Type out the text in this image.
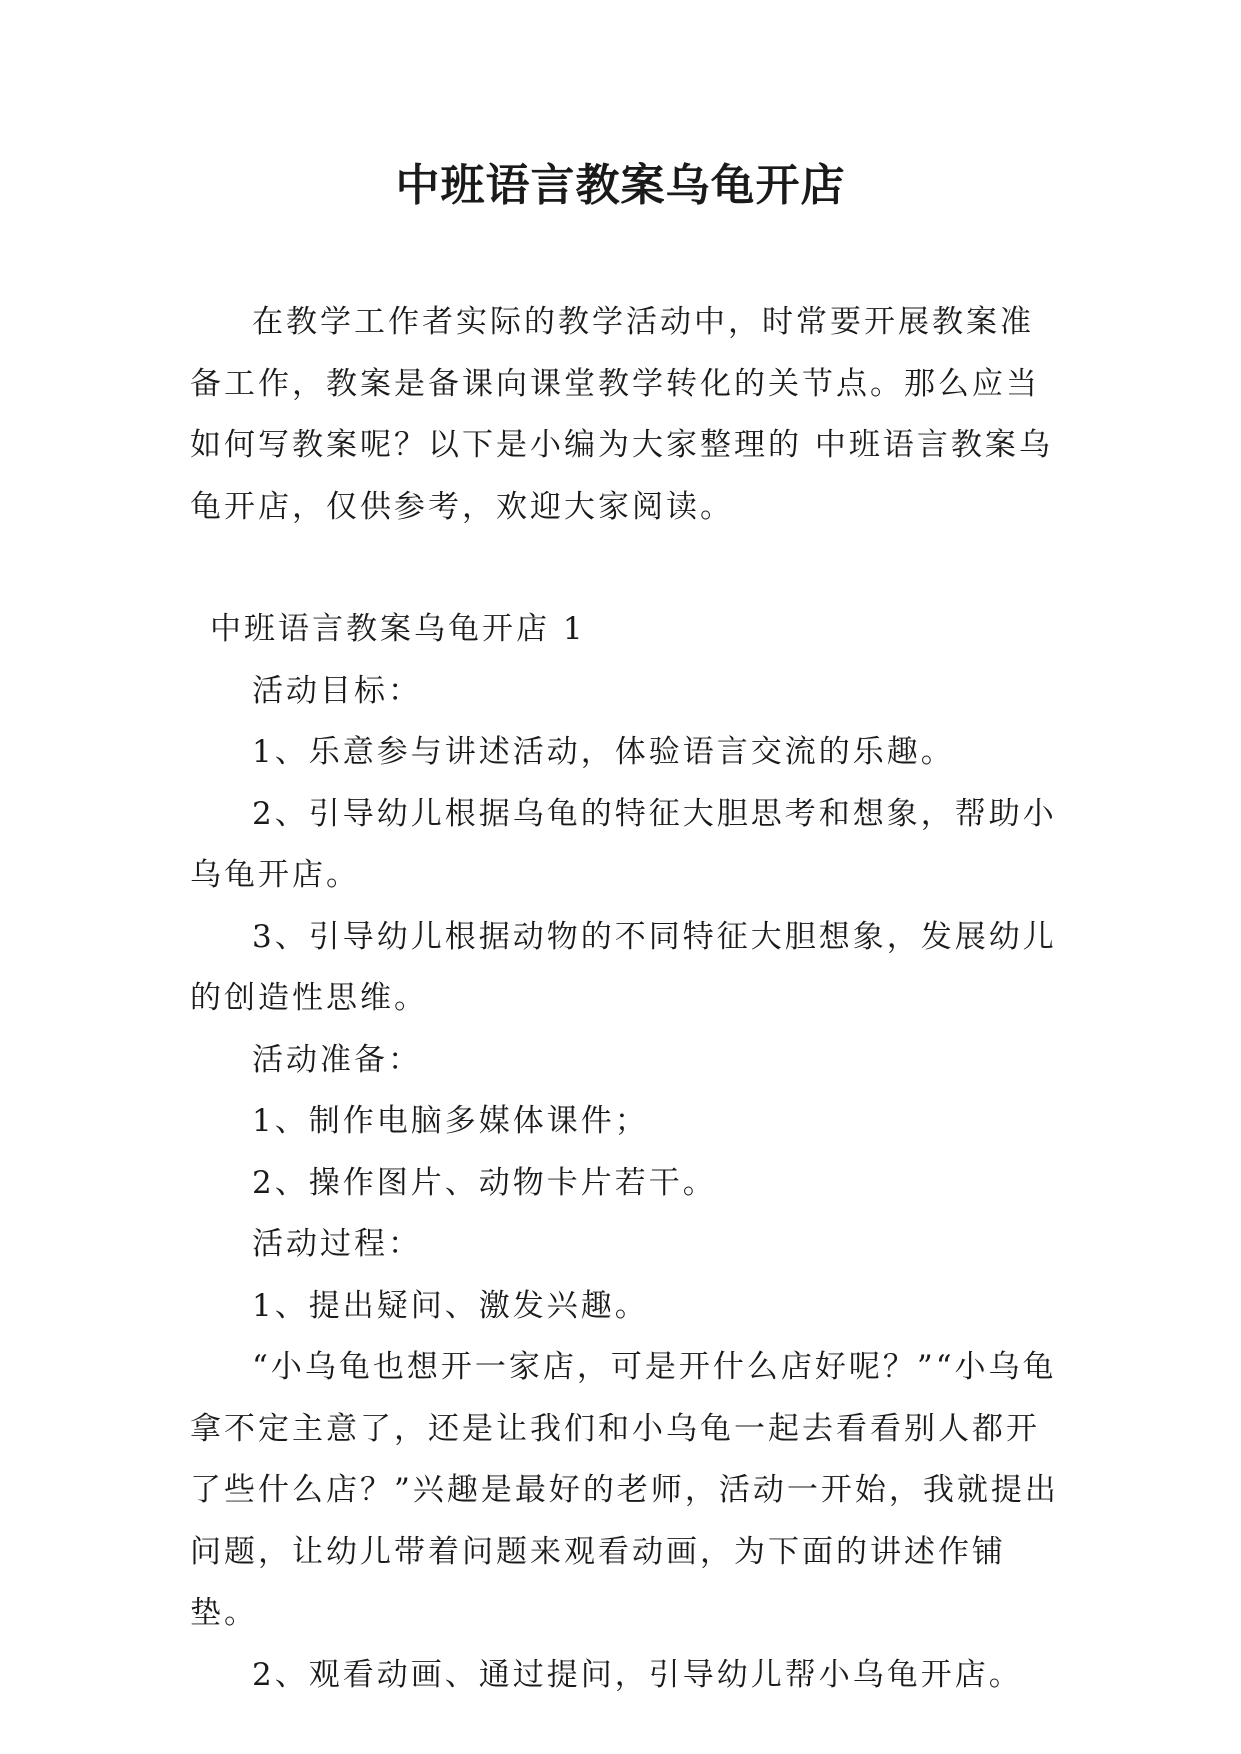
中班语言教案乌龟开店

在教学工作者实际的教学活动中，时常要开展教案准备工作，教案是备课向课堂教学转化的关节点。那么应当如何写教案呢？以下是小编为大家整理的 中班语言教案乌龟开店，仅供参考，欢迎大家阅读。

中班语言教案乌龟开店 1

活动目标：

1、乐意参与讲述活动，体验语言交流的乐趣。

2、引导幼儿根据乌龟的特征大胆思考和想象，帮助小乌龟开店。

3、引导幼儿根据动物的不同特征大胆想象，发展幼儿的创造性思维。

活动准备：

1、制作电脑多媒体课件；

2、操作图片、动物卡片若干。

活动过程：

1、提出疑问、激发兴趣。

“小乌龟也想开一家店，可是开什么店好呢？”“小乌龟拿不定主意了，还是让我们和小乌龟一起去看看别人都开了些什么店？”兴趣是最好的老师，活动一开始，我就提出问题，让幼儿带着问题来观看动画，为下面的讲述作铺垫。

2、观看动画、通过提问，引导幼儿帮小乌龟开店。
